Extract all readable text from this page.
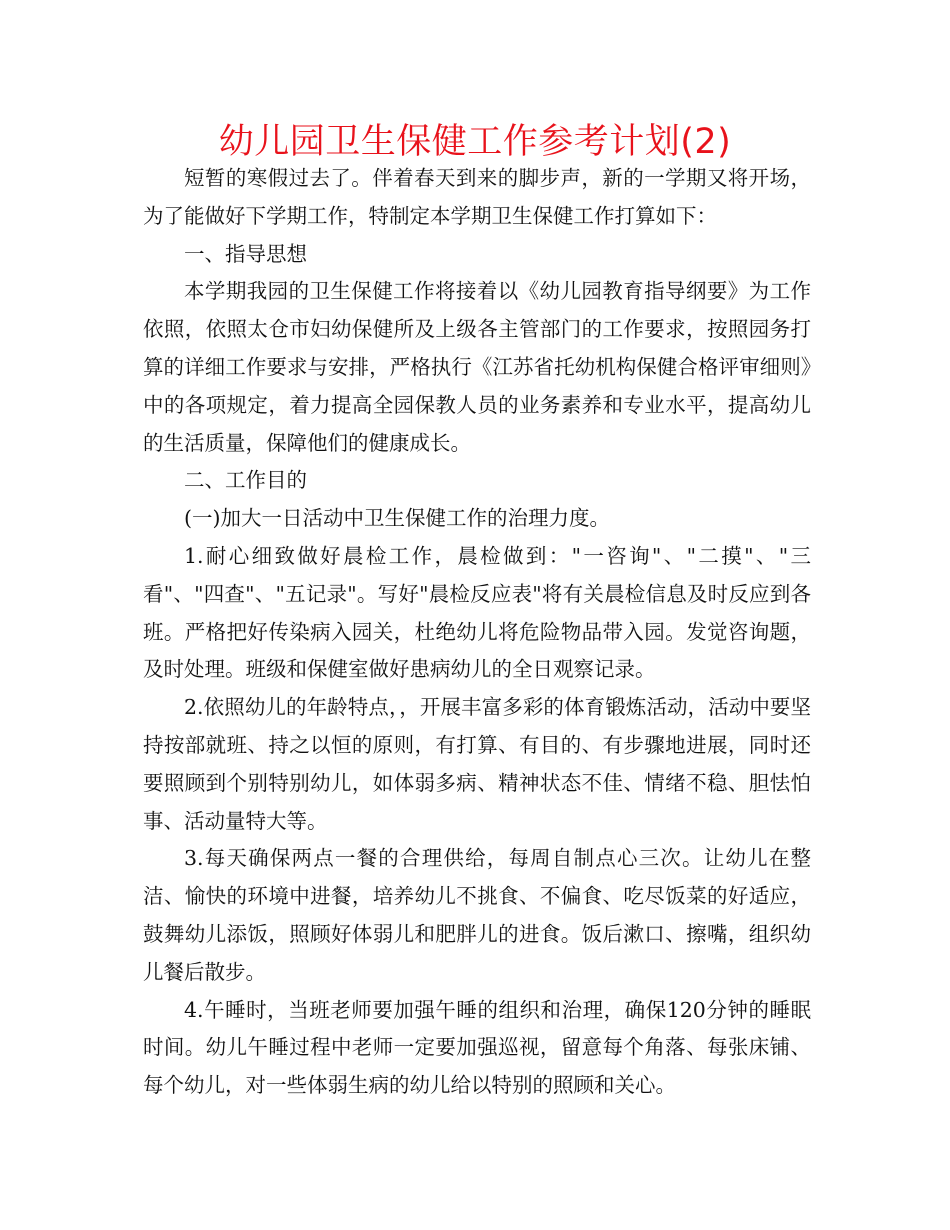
幼儿园卫生保健工作参考计划(2)

短暂的寒假过去了。伴着春天到来的脚步声，新的一学期又将开场，为了能做好下学期工作，特制定本学期卫生保健工作打算如下：

一、指导思想

本学期我园的卫生保健工作将接着以《幼儿园教育指导纲要》为工作依照，依照太仓市妇幼保健所及上级各主管部门的工作要求，按照园务打算的详细工作要求与安排，严格执行《江苏省托幼机构保健合格评审细则》中的各项规定，着力提高全园保教人员的业务素养和专业水平，提高幼儿的生活质量，保障他们的健康成长。

二、工作目的

(一)加大一日活动中卫生保健工作的治理力度。

1.耐心细致做好晨检工作，晨检做到："一咨询"、"二摸"、"三看"、"四查"、"五记录"。写好"晨检反应表"将有关晨检信息及时反应到各班。严格把好传染病入园关，杜绝幼儿将危险物品带入园。发觉咨询题，及时处理。班级和保健室做好患病幼儿的全日观察记录。

2.依照幼儿的年龄特点，，开展丰富多彩的体育锻炼活动，活动中要坚持按部就班、持之以恒的原则，有打算、有目的、有步骤地进展，同时还要照顾到个别特别幼儿，如体弱多病、精神状态不佳、情绪不稳、胆怯怕事、活动量特大等。

3.每天确保两点一餐的合理供给，每周自制点心三次。让幼儿在整洁、愉快的环境中进餐，培养幼儿不挑食、不偏食、吃尽饭菜的好适应，鼓舞幼儿添饭，照顾好体弱儿和肥胖儿的进食。饭后漱口、擦嘴，组织幼儿餐后散步。

4.午睡时，当班老师要加强午睡的组织和治理，确保120分钟的睡眠时间。幼儿午睡过程中老师一定要加强巡视，留意每个角落、每张床铺、每个幼儿，对一些体弱生病的幼儿给以特别的照顾和关心。
